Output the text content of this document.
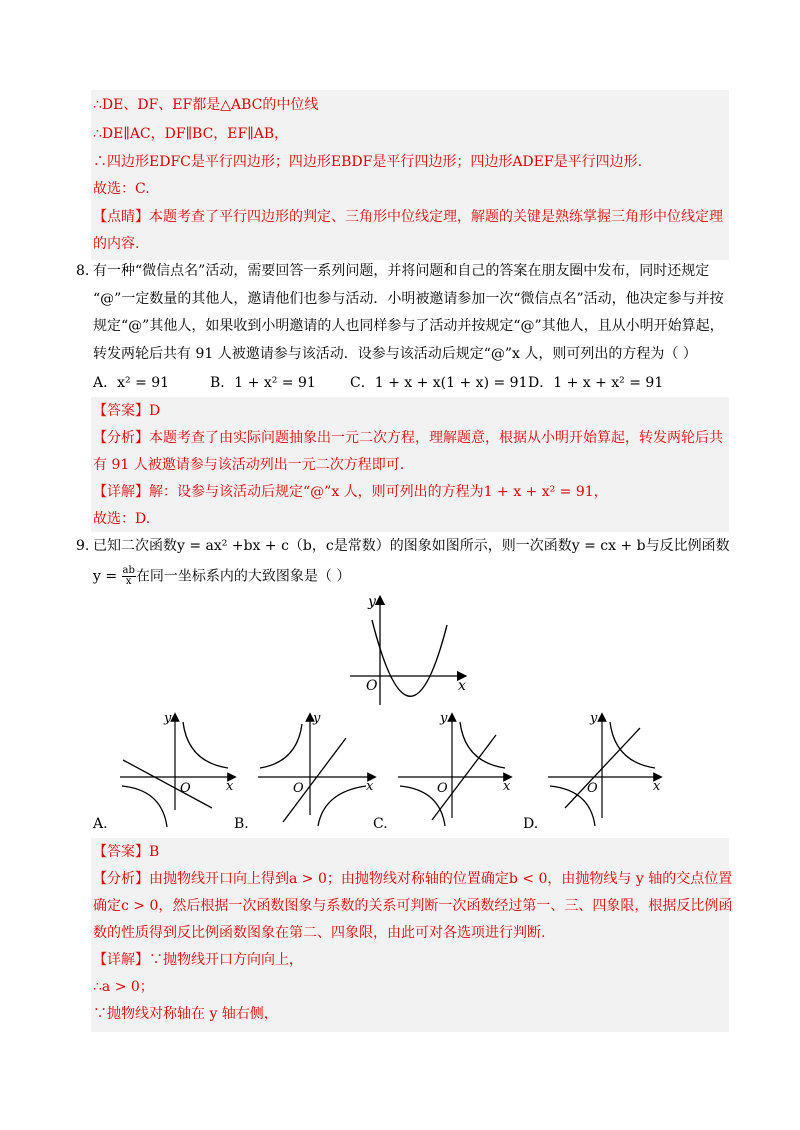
∴DE、DF、EF都是△ABC的中位线
∴DE∥AC，DF∥BC，EF∥AB，
∴四边形EDFC是平行四边形；四边形EBDF是平行四边形；四边形ADEF是平行四边形.
故选：C.
【点睛】本题考查了平行四边形的判定、三角形中位线定理，解题的关键是熟练掌握三角形中位线定理
的内容.
8. 有一种“微信点名”活动，需要回答一系列问题，并将问题和自己的答案在朋友圈中发布，同时还规定
“@”一定数量的其他人，邀请他们也参与活动．小明被邀请参加一次“微信点名”活动，他决定参与并按
规定“@”其他人，如果收到小明邀请的人也同样参与了活动并按规定“@”其他人，且从小明开始算起，
转发两轮后共有 91 人被邀请参与该活动．设参与该活动后规定“@”x 人，则可列出的方程为（ ）
A．x² = 91	B．1 + x² = 91 C．1 + x + x(1 + x) = 91 D．1 + x + x² = 91
【答案】D
【分析】本题考查了由实际问题抽象出一元二次方程，理解题意，根据从小明开始算起，转发两轮后共
有 91 人被邀请参与该活动列出一元二次方程即可.
【详解】解：设参与该活动后规定“@”x 人，则可列出的方程为1 + x + x² = 91，
故选：D.
9. 已知二次函数y = ax² +bx + c（b，c是常数）的图象如图所示，则一次函数y = cx + b与反比例函数
$y = \frac{ab}{x}$ 在同一坐标系内的大致图象是（ ）
y
x
O
y
x
O
y
x
O
y
x
O
y
x
O
A.	B.	C.	D.
【答案】B
【分析】由抛物线开口向上得到a > 0；由抛物线对称轴的位置确定b < 0，由抛物线与 y 轴的交点位置
确定c > 0，然后根据一次函数图象与系数的关系可判断一次函数经过第一、三、四象限，根据反比例函
数的性质得到反比例函数图象在第二、四象限，由此可对各选项进行判断.
【详解】∵抛物线开口方向向上，
∴a > 0；
∵抛物线对称轴在 y 轴右侧，
